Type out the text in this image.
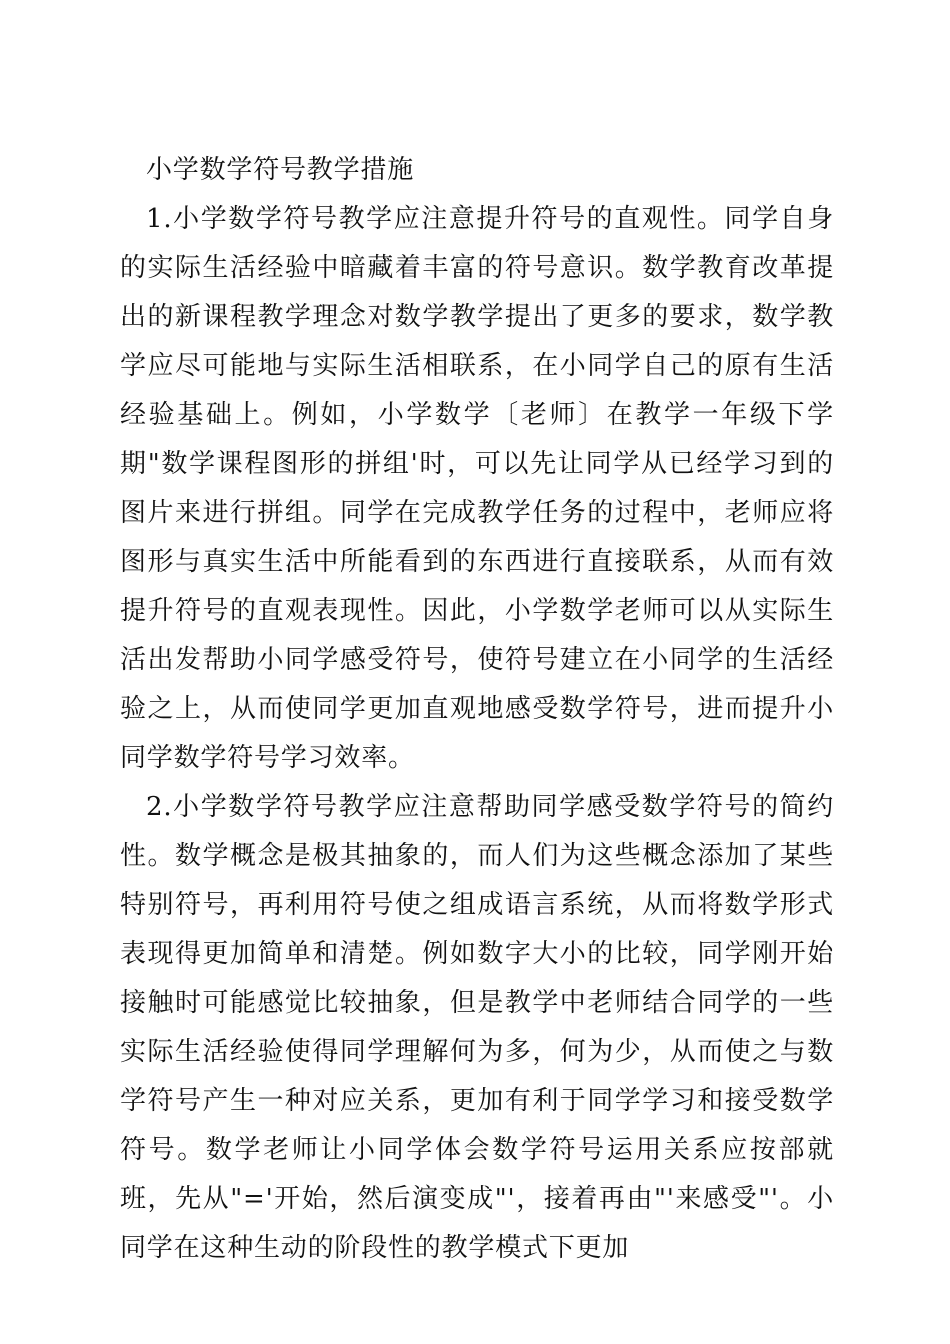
小学数学符号教学措施

1.小学数学符号教学应注意提升符号的直观性。同学自身的实际生活经验中暗藏着丰富的符号意识。数学教育改革提出的新课程教学理念对数学教学提出了更多的要求，数学教学应尽可能地与实际生活相联系，在小同学自己的原有生活经验基础上。例如，小学数学〔老师〕在教学一年级下学期"数学课程图形的拼组'时，可以先让同学从已经学习到的图片来进行拼组。同学在完成教学任务的过程中，老师应将图形与真实生活中所能看到的东西进行直接联系，从而有效提升符号的直观表现性。因此，小学数学老师可以从实际生活出发帮助小同学感受符号，使符号建立在小同学的生活经验之上，从而使同学更加直观地感受数学符号，进而提升小同学数学符号学习效率。

2.小学数学符号教学应注意帮助同学感受数学符号的简约性。数学概念是极其抽象的，而人们为这些概念添加了某些特别符号，再利用符号使之组成语言系统，从而将数学形式表现得更加简单和清楚。例如数字大小的比较，同学刚开始接触时可能感觉比较抽象，但是教学中老师结合同学的一些实际生活经验使得同学理解何为多，何为少，从而使之与数学符号产生一种对应关系，更加有利于同学学习和接受数学符号。数学老师让小同学体会数学符号运用关系应按部就班，先从"='开始，然后演变成"'，接着再由"'来感受"'。小同学在这种生动的阶段性的教学模式下更加
